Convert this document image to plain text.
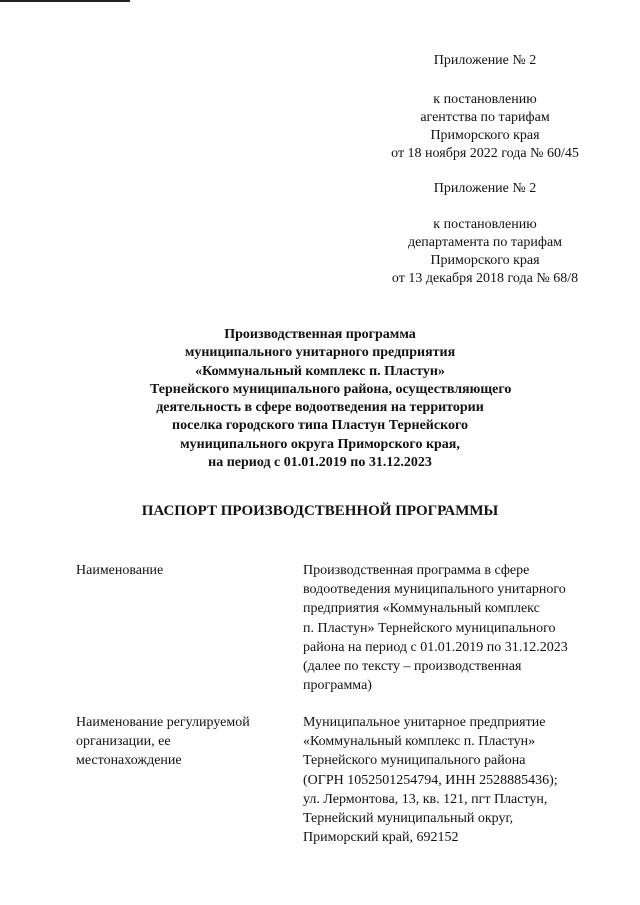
Приложение № 2
к постановлению
агентства по тарифам
Приморского края
от 18 ноября 2022 года № 60/45
Приложение № 2
к постановлению
департамента по тарифам
Приморского края
от 13 декабря 2018 года № 68/8
Производственная программа
муниципального унитарного предприятия
«Коммунальный комплекс п. Пластун»
Тернейского муниципального района, осуществляющего
деятельность в сфере водоотведения на территории
поселка городского типа Пластун Тернейского
муниципального округа Приморского края,
на период с 01.01.2019 по 31.12.2023
ПАСПОРТ ПРОИЗВОДСТВЕННОЙ ПРОГРАММЫ
Наименование	Производственная программа в сфере
водоотведения муниципального унитарного
предприятия «Коммунальный комплекс
п. Пластун» Тернейского муниципального
района на период с 01.01.2019 по 31.12.2023
(далее по тексту – производственная
программа)
Наименование регулируемой
организации, ее
местонахождение
Муниципальное унитарное предприятие
«Коммунальный комплекс п. Пластун»
Тернейского муниципального района
(ОГРН 1052501254794, ИНН 2528885436);
ул. Лермонтова, 13, кв. 121, пгт Пластун,
Тернейский муниципальный округ,
Приморский край, 692152
